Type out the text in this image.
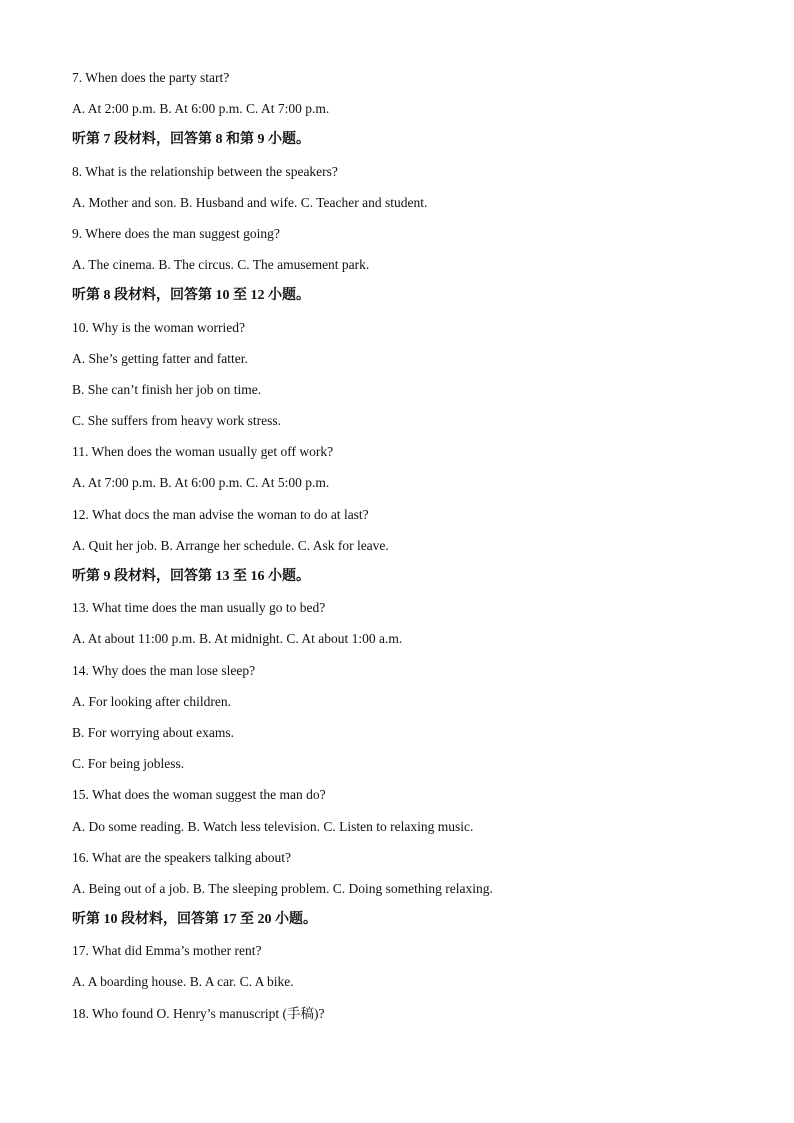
7. When does the party start?
A. At 2:00 p.m. B. At 6:00 p.m. C. At 7:00 p.m.
听第 7 段材料，回答第 8 和第 9 小题。
8. What is the relationship between the speakers?
A. Mother and son. B. Husband and wife. C. Teacher and student.
9. Where does the man suggest going?
A. The cinema. B. The circus. C. The amusement park.
听第 8 段材料，回答第 10 至 12 小题。
10. Why is the woman worried?
A. She’s getting fatter and fatter.
B. She can’t finish her job on time.
C. She suffers from heavy work stress.
11. When does the woman usually get off work?
A. At 7:00 p.m. B. At 6:00 p.m. C. At 5:00 p.m.
12. What docs the man advise the woman to do at last?
A. Quit her job. B. Arrange her schedule. C. Ask for leave.
听第 9 段材料，回答第 13 至 16 小题。
13. What time does the man usually go to bed?
A. At about 11:00 p.m. B. At midnight. C. At about 1:00 a.m.
14. Why does the man lose sleep?
A. For looking after children.
B. For worrying about exams.
C. For being jobless.
15. What does the woman suggest the man do?
A. Do some reading. B. Watch less television. C. Listen to relaxing music.
16. What are the speakers talking about?
A. Being out of a job. B. The sleeping problem. C. Doing something relaxing.
听第 10 段材料，回答第 17 至 20 小题。
17. What did Emma’s mother rent?
A. A boarding house. B. A car. C. A bike.
18. Who found O. Henry’s manuscript (手稿)?
